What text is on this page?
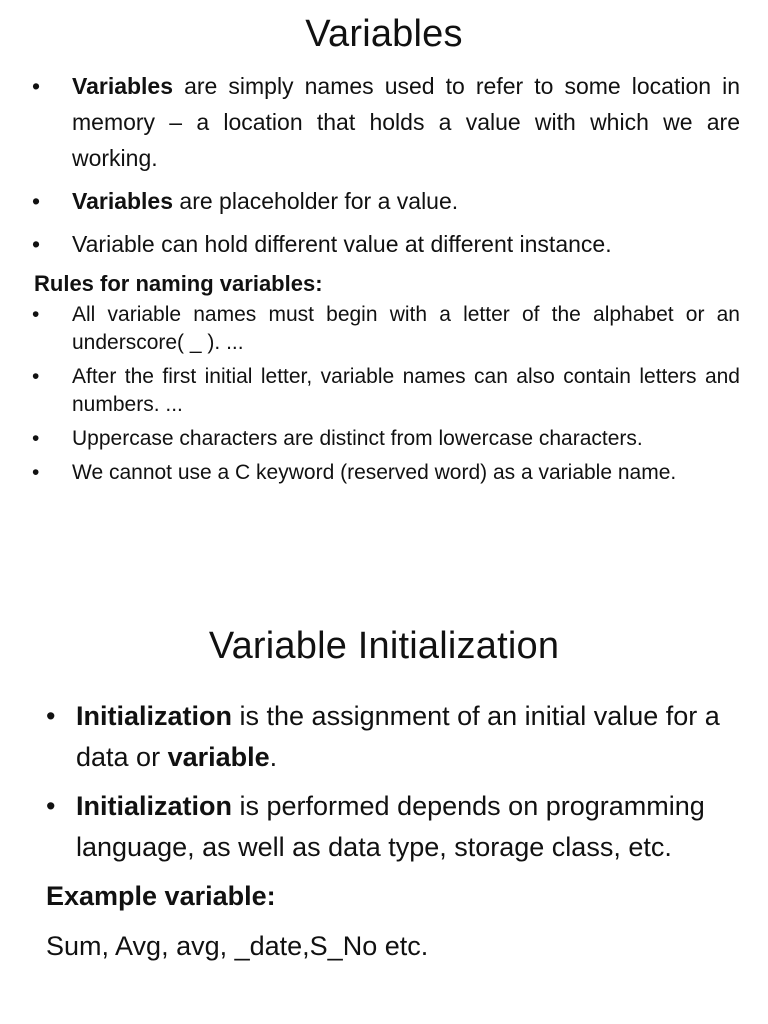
Variables
• Variables are simply names used to refer to some location in memory – a location that holds a value with which we are working.
• Variables are placeholder for a value.
• Variable can hold different value at different instance.
Rules for naming variables:
• All variable names must begin with a letter of the alphabet or an underscore( _ ). ...
• After the first initial letter, variable names can also contain letters and numbers. ...
• Uppercase characters are distinct from lowercase characters.
• We cannot use a C keyword (reserved word) as a variable name.
Variable Initialization
• Initialization is the assignment of an initial value for a data or variable.
• Initialization is performed depends on programming language, as well as data type, storage class, etc.
Example variable:
Sum, Avg, avg, _date,S_No etc.
